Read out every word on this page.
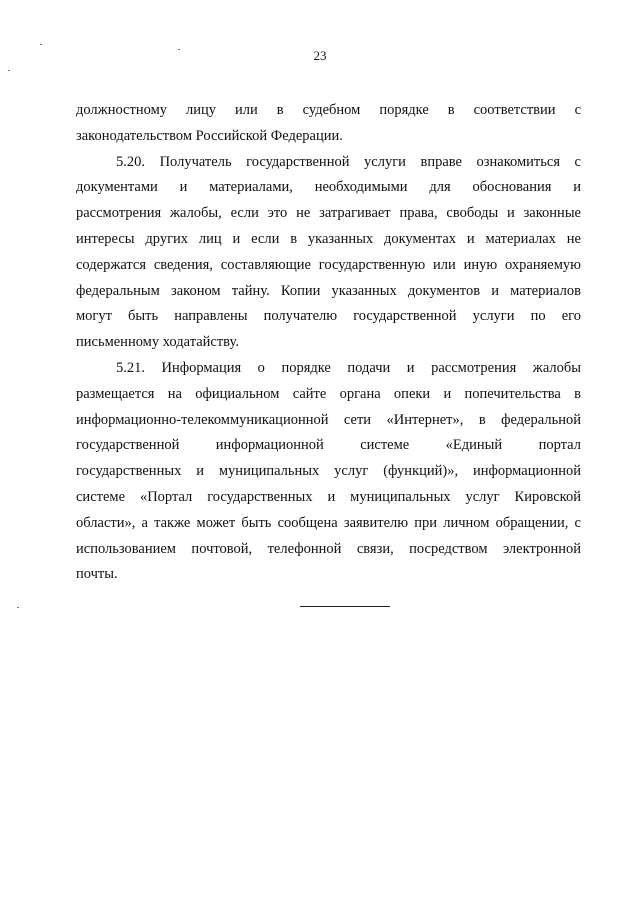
23
должностному лицу или в судебном порядке в соответствии с
законодательством Российской Федерации.
5.20. Получатель государственной услуги вправе ознакомиться с
документами и материалами, необходимыми для обоснования и
рассмотрения жалобы, если это не затрагивает права, свободы и законные
интересы других лиц и если в указанных документах и материалах не
содержатся сведения, составляющие государственную или иную охраняемую
федеральным законом тайну. Копии указанных документов и материалов
могут быть направлены получателю государственной услуги по его
письменному ходатайству.
5.21. Информация о порядке подачи и рассмотрения жалобы
размещается на официальном сайте органа опеки и попечительства в
информационно-телекоммуникационной сети «Интернет», в федеральной
государственной информационной системе «Единый портал
государственных и муниципальных услуг (функций)», информационной
системе «Портал государственных и муниципальных услуг Кировской
области», а также может быть сообщена заявителю при личном обращении, с
использованием почтовой, телефонной связи, посредством электронной
почты.
